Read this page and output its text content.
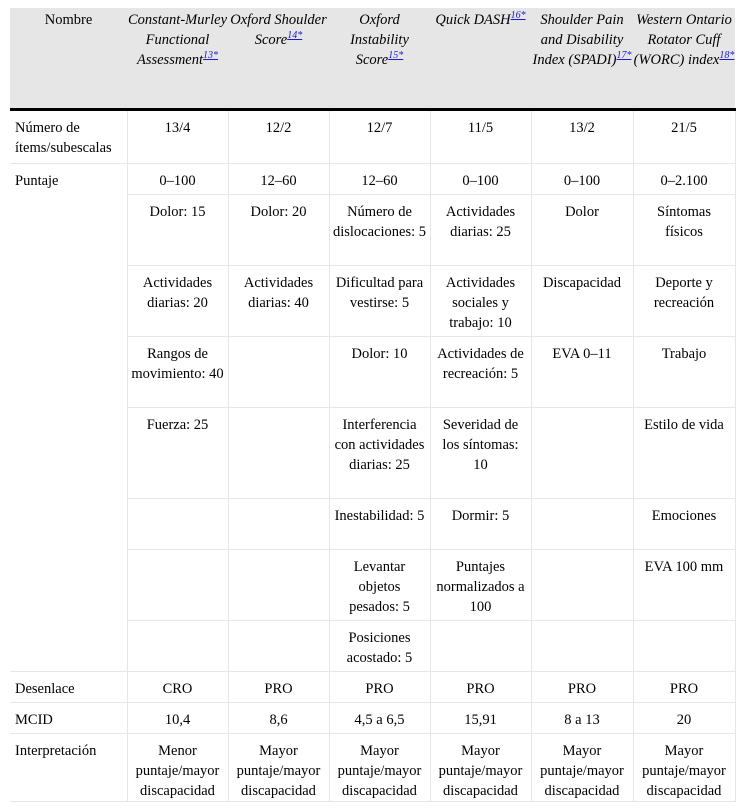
Nombre	Constant-Murley Functional Assessment$^{13*}$	Oxford Shoulder Score$^{14*}$	Oxford Instability Score$^{15*}$	Quick DASH$^{16*}$	Shoulder Pain and Disability Index (SPADI)$^{17*}$	Western Ontario Rotator Cuff (WORC) index$^{18*}$

Número de ítems/subescalas	13/4	12/2	12/7	11/5	13/2	21/5

Puntaje	0–100	12–60	12–60	0–100	0–100	0–2.100

	Dolor: 15	Dolor: 20	Número de dislocaciones: 5	Actividades diarias: 25	Dolor	Síntomas físicos

	Actividades diarias: 20	Actividades diarias: 40	Dificultad para vestirse: 5	Actividades sociales y trabajo: 10	Discapacidad	Deporte y recreación

	Rangos de movimiento: 40		Dolor: 10	Actividades de recreación: 5	EVA 0–11	Trabajo

	Fuerza: 25		Interferencia con actividades diarias: 25	Severidad de los síntomas: 10		Estilo de vida

			Inestabilidad: 5	Dormir: 5		Emociones

			Levantar objetos pesados: 5	Puntajes normalizados a 100		EVA 100 mm

			Posiciones acostado: 5			

Desenlace	CRO	PRO	PRO	PRO	PRO	PRO

MCID	10,4	8,6	4,5 a 6,5	15,91	8 a 13	20

Interpretación	Menor puntaje/mayor discapacidad	Mayor puntaje/mayor discapacidad	Mayor puntaje/mayor discapacidad	Mayor puntaje/mayor discapacidad	Mayor puntaje/mayor discapacidad	Mayor puntaje/mayor discapacidad
